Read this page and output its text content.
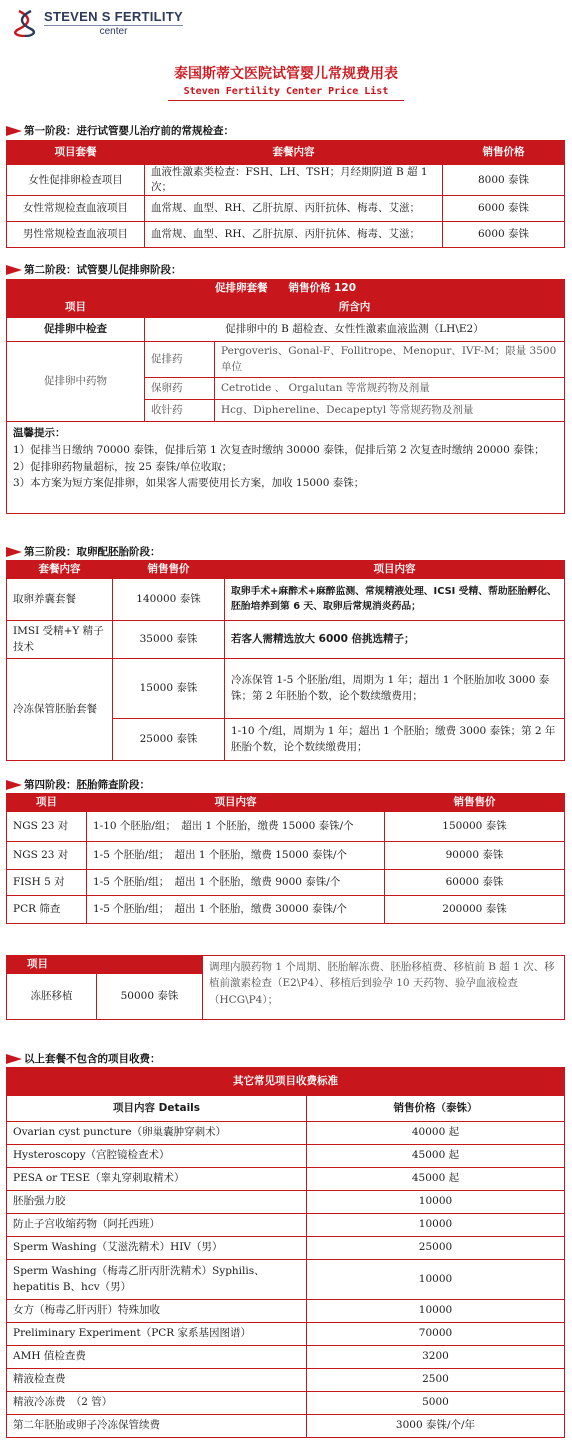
STEVEN S FERTILITY
center
泰国斯蒂文医院试管婴儿常规费用表
Steven Fertility Center Price List
第一阶段：进行试管婴儿治疗前的常规检查：
项目套餐	套餐内容	销售价格
女性促排卵检查项目	血液性激素类检查：FSH、LH、TSH；月经期阴道 B 超 1 次；	8000 泰铢
女性常规检查血液项目	血常规、血型、RH、乙肝抗原、丙肝抗体、梅毒、艾滋；	6000 泰铢
男性常规检查血液项目	血常规、血型、RH、乙肝抗原、丙肝抗体、梅毒、艾滋；	6000 泰铢
第二阶段：试管婴儿促排卵阶段：
促排卵套餐　　销售价格 120		
项目	所含内	
促排卵中检查	促排卵中的 B 超检查、女性性激素血液监测（LH\E2）	
促排卵中药物	促排药	Pergoveris、Gonal-F、Follitrope、Menopur、IVF-M；限量 3500 单位
	保卵药	Cetrotide 、 Orgalutan 等常规药物及剂量
	收针药	Hcg、Diphereline、Decapeptyl 等常规药物及剂量

温馨提示：
1）促排当日缴纳 70000 泰铢，促排后第 1 次复查时缴纳 30000 泰铢，促排后第 2 次复查时缴纳 20000 泰铢；
2）促排卵药物量超标，按 25 泰铢/单位收取；
3）本方案为短方案促排卵，如果客人需要使用长方案，加收 15000 泰铢；		
第三阶段：取卵配胚胎阶段：
套餐内容	销售售价	项目内容
取卵养囊套餐	140000 泰铢	取卵手术+麻醉术+麻醉监测、常规精液处理、ICSI 受精、帮助胚胎孵化、胚胎培养到第 6 天、取卵后常规消炎药品；
IMSI 受精+Y 精子技术	35000 泰铢	若客人需精选放大 6000 倍挑选精子；
冷冻保管胚胎套餐	15000 泰铢	冷冻保管 1-5 个胚胎/组，周期为 1 年；超出 1 个胚胎加收 3000 泰铢；第 2 年胚胎个数，论个数续缴费用；
	25000 泰铢	1-10 个/组，周期为 1 年；超出 1 个胚胎；缴费 3000 泰铢；第 2 年胚胎个数，论个数续缴费用；
第四阶段：胚胎筛查阶段：
项目	项目内容	销售售价
NGS 23 对	1-10 个胚胎/组；　超出 1 个胚胎，缴费 15000 泰铢/个	150000 泰铢
NGS 23 对	1-5 个胚胎/组；　超出 1 个胚胎，缴费 15000 泰铢/个	90000 泰铢
FISH 5 对	1-5 个胚胎/组；　超出 1 个胚胎，缴费 9000 泰铢/个	60000 泰铢
PCR 筛查	1-5 个胚胎/组；　超出 1 个胚胎，缴费 30000 泰铢/个	200000 泰铢
项目		调理内膜药物 1 个周期、胚胎解冻费、胚胎移植费、移植前 B 超 1 次、移植前激素检查（E2\P4）、移植后到验孕 10 天药物、验孕血液检查（HCG\P4）；
冻胚移植	50000 泰铢	
以上套餐不包含的项目收费：
其它常见项目收费标准	
项目内容 Details	销售价格（泰铢）
Ovarian cyst puncture（卵巢囊肿穿刺术）	40000 起
Hysteroscopy（宫腔镜检查术）	45000 起
PESA or TESE（睾丸穿刺取精术）	45000 起
胚胎强力胶	10000
防止子宫收缩药物（阿托西班）	10000
Sperm Washing（艾滋洗精术）HIV（男）	25000
Sperm Washing（梅毒乙肝丙肝洗精术）Syphilis、hepatitis B、hcv（男）	10000
女方（梅毒乙肝丙肝）特殊加收	10000
Preliminary Experiment（PCR 家系基因图谱）	70000
AMH 值检查费	3200
精液检查费	2500
精液冷冻费　（2 管）	5000
第二年胚胎或卵子冷冻保管续费	3000 泰铢/个/年
